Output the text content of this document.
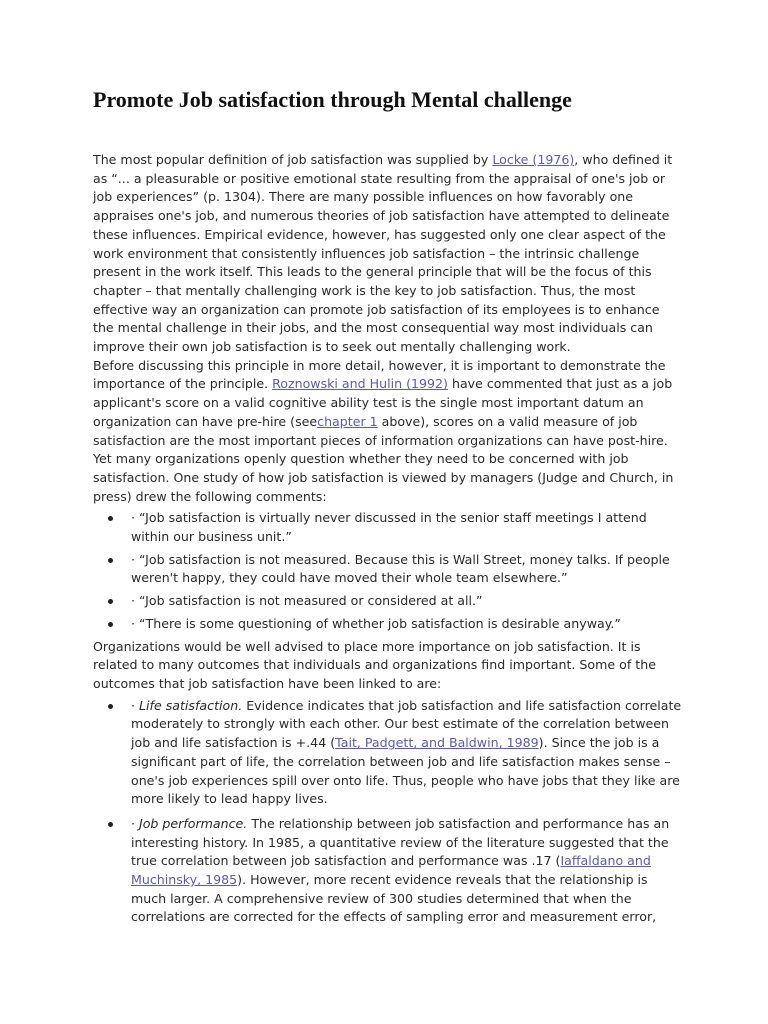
Promote Job satisfaction through Mental challenge

The most popular definition of job satisfaction was supplied by Locke (1976), who defined it as “... a pleasurable or positive emotional state resulting from the appraisal of one's job or job experiences” (p. 1304). There are many possible influences on how favorably one appraises one's job, and numerous theories of job satisfaction have attempted to delineate these influences. Empirical evidence, however, has suggested only one clear aspect of the work environment that consistently influences job satisfaction – the intrinsic challenge present in the work itself. This leads to the general principle that will be the focus of this chapter – that mentally challenging work is the key to job satisfaction. Thus, the most effective way an organization can promote job satisfaction of its employees is to enhance the mental challenge in their jobs, and the most consequential way most individuals can improve their own job satisfaction is to seek out mentally challenging work.

Before discussing this principle in more detail, however, it is important to demonstrate the importance of the principle. Roznowski and Hulin (1992) have commented that just as a job applicant's score on a valid cognitive ability test is the single most important datum an organization can have pre-hire (seechapter 1 above), scores on a valid measure of job satisfaction are the most important pieces of information organizations can have post-hire. Yet many organizations openly question whether they need to be concerned with job satisfaction. One study of how job satisfaction is viewed by managers (Judge and Church, in press) drew the following comments:

· “Job satisfaction is virtually never discussed in the senior staff meetings I attend within our business unit.”
· “Job satisfaction is not measured. Because this is Wall Street, money talks. If people weren't happy, they could have moved their whole team elsewhere.”
· “Job satisfaction is not measured or considered at all.”
· “There is some questioning of whether job satisfaction is desirable anyway.”

Organizations would be well advised to place more importance on job satisfaction. It is related to many outcomes that individuals and organizations find important. Some of the outcomes that job satisfaction have been linked to are:

· Life satisfaction. Evidence indicates that job satisfaction and life satisfaction correlate moderately to strongly with each other. Our best estimate of the correlation between job and life satisfaction is +.44 (Tait, Padgett, and Baldwin, 1989). Since the job is a significant part of life, the correlation between job and life satisfaction makes sense – one's job experiences spill over onto life. Thus, people who have jobs that they like are more likely to lead happy lives.
· Job performance. The relationship between job satisfaction and performance has an interesting history. In 1985, a quantitative review of the literature suggested that the true correlation between job satisfaction and performance was .17 (Iaffaldano and Muchinsky, 1985). However, more recent evidence reveals that the relationship is much larger. A comprehensive review of 300 studies determined that when the correlations are corrected for the effects of sampling error and measurement error,
